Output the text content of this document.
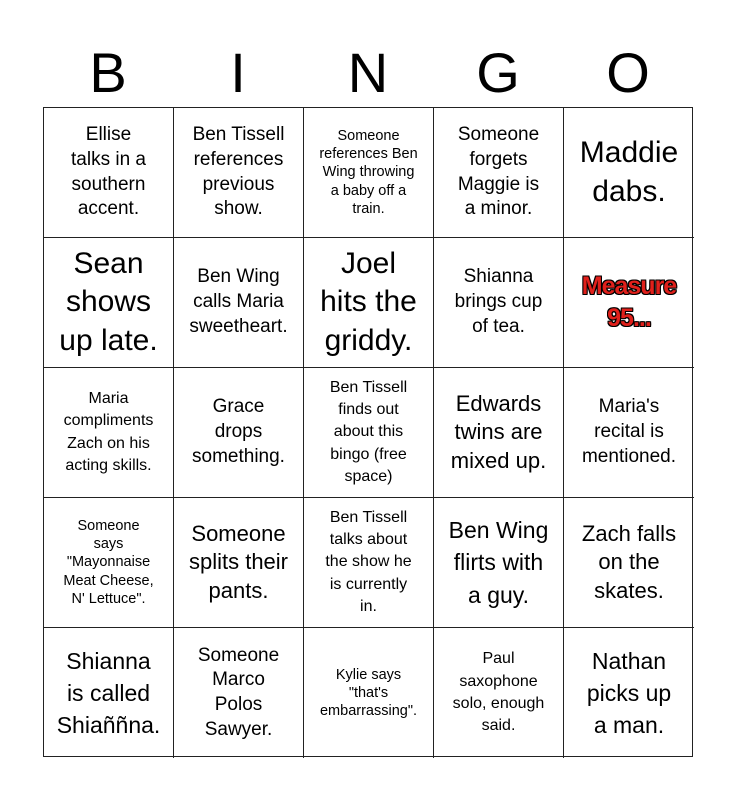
B	I	N	G	O
Ellise
talks in a
southern
accent.
Ben Tissell
references
previous
show.
Someone
references Ben
Wing throwing
a baby off a
train.
Someone
forgets
Maggie is
a minor.
Maddie
dabs.
Sean
shows
up late.
Ben Wing
calls Maria
sweetheart.
Joel
hits the
griddy.
Shianna
brings cup
of tea.
Measure
95...
Maria
compliments
Zach on his
acting skills.
Grace
drops
something.
Ben Tissell
finds out
about this
bingo (free
space)
Edwards
twins are
mixed up.
Maria's
recital is
mentioned.
Someone
says
"Mayonnaise
Meat Cheese,
N' Lettuce".
Someone
splits their
pants.
Ben Tissell
talks about
the show he
is currently
in.
Ben Wing
flirts with
a guy.
Zach falls
on the
skates.
Shianna
is called
Shiaññna.
Someone
Marco
Polos
Sawyer.
Kylie says
"that's
embarrassing".
Paul
saxophone
solo, enough
said.
Nathan
picks up
a man.
